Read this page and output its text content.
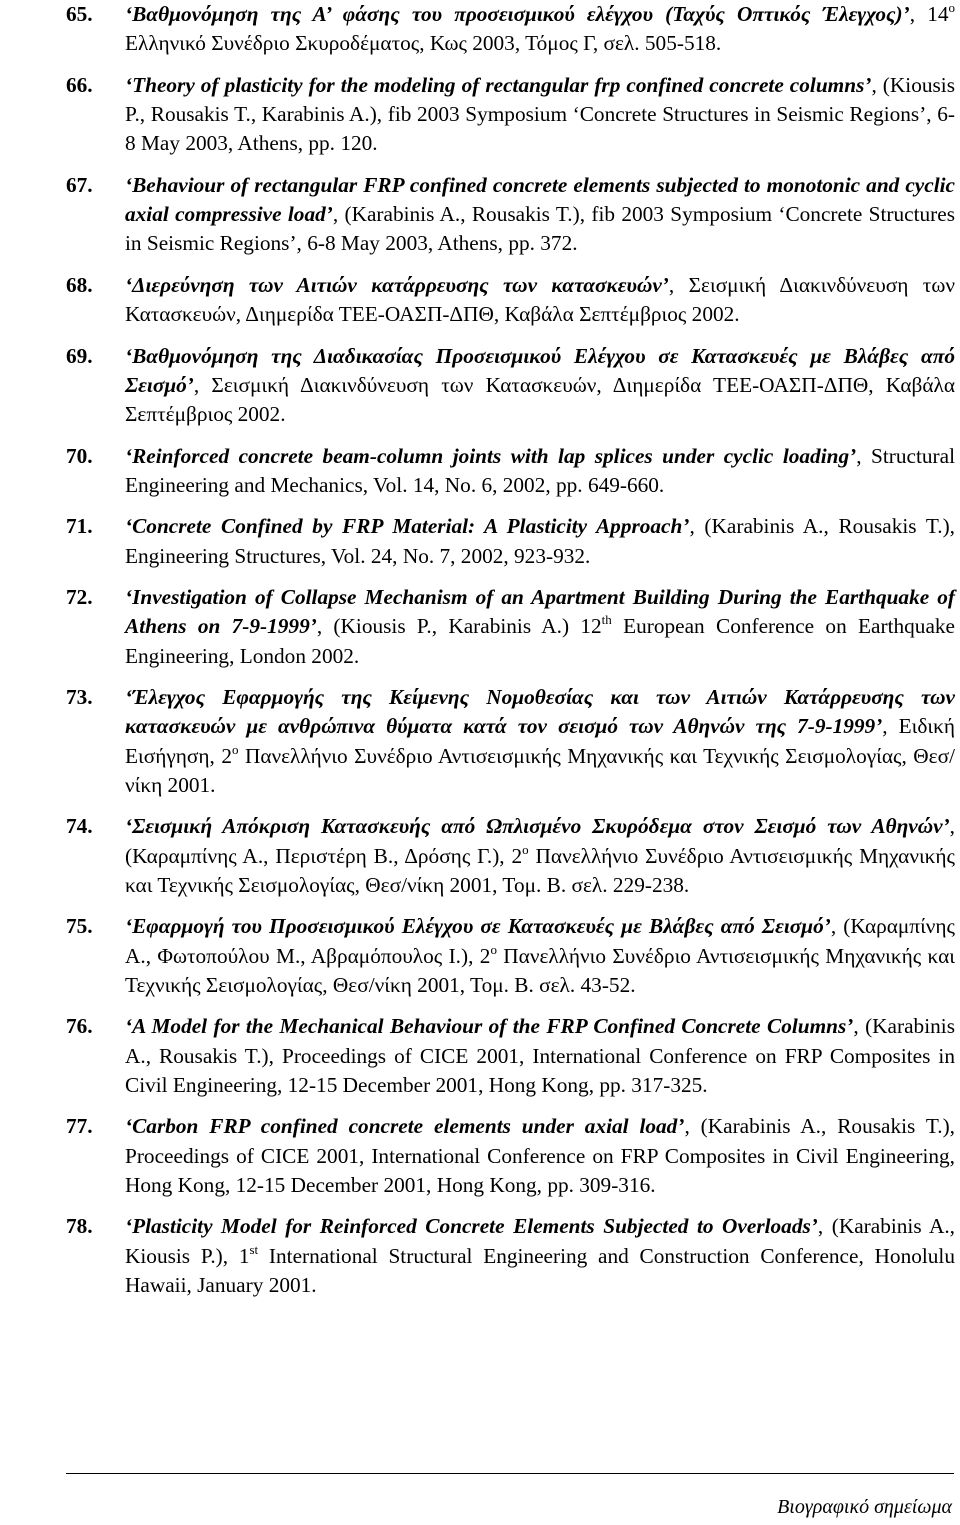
65. ‘Βαθμονόμηση της Α’ φάσης του προσεισμικού ελέγχου (Ταχύς Οπτικός Έλεγχος)’, $14^o$ Ελληνικό Συνέδριο Σκυροδέματος, Κως 2003, Τόμος Γ, σελ. 505-518.
66. ‘Theory of plasticity for the modeling of rectangular frp confined concrete columns’, (Kiousis P., Rousakis T., Karabinis A.), fib 2003 Symposium ‘Concrete Structures in Seismic Regions’, 6-8 May 2003, Athens, pp. 120.
67. ‘Behaviour of rectangular FRP confined concrete elements subjected to monotonic and cyclic axial compressive load’, (Karabinis A., Rousakis T.), fib 2003 Symposium ‘Concrete Structures in Seismic Regions’, 6-8 May 2003, Athens, pp. 372.
68. ‘Διερεύνηση των Αιτιών κατάρρευσης των κατασκευών’, Σεισμική Διακινδύνευση των Κατασκευών, Διημερίδα ΤΕΕ-ΟΑΣΠ-ΔΠΘ, Καβάλα Σεπτέμβριος 2002.
69. ‘Βαθμονόμηση της Διαδικασίας Προσεισμικού Ελέγχου σε Κατασκευές με Βλάβες από Σεισμό’, Σεισμική Διακινδύνευση των Κατασκευών, Διημερίδα ΤΕΕ-ΟΑΣΠ-ΔΠΘ, Καβάλα Σεπτέμβριος 2002.
70. ‘Reinforced concrete beam-column joints with lap splices under cyclic loading’, Structural Engineering and Mechanics, Vol. 14, No. 6, 2002, pp. 649-660.
71. ‘Concrete Confined by FRP Material: A Plasticity Approach’, (Karabinis A., Rousakis T.), Engineering Structures, Vol. 24, No. 7, 2002, 923-932.
72. ‘Investigation of Collapse Mechanism of an Apartment Building During the Earthquake of Athens on 7-9-1999’, (Kiousis P., Karabinis A.) 12th European Conference on Earthquake Engineering, London 2002.
73. ‘Έλεγχος Εφαρμογής της Κείμενης Νομοθεσίας και των Αιτιών Κατάρρευσης των κατασκευών με ανθρώπινα θύματα κατά τον σεισμό των Αθηνών της 7-9-1999’, Ειδική Εισήγηση, $2^o$ Πανελλήνιο Συνέδριο Αντισεισμικής Μηχανικής και Τεχνικής Σεισμολογίας, Θεσ/νίκη 2001.
74. ‘Σεισμική Απόκριση Κατασκευής από Ωπλισμένο Σκυρόδεμα στον Σεισμό των Αθηνών’, (Καραμπίνης Α., Περιστέρη Β., Δρόσης Γ.), $2^o$ Πανελλήνιο Συνέδριο Αντισεισμικής Μηχανικής και Τεχνικής Σεισμολογίας, Θεσ/νίκη 2001, Τομ. Β. σελ. 229-238.
75. ‘Εφαρμογή του Προσεισμικού Ελέγχου σε Κατασκευές με Βλάβες από Σεισμό’, (Καραμπίνης Α., Φωτοπούλου Μ., Αβραμόπουλος Ι.), $2^o$ Πανελλήνιο Συνέδριο Αντισεισμικής Μηχανικής και Τεχνικής Σεισμολογίας, Θεσ/νίκη 2001, Τομ. Β. σελ. 43-52.
76. ‘A Model for the Mechanical Behaviour of the FRP Confined Concrete Columns’, (Karabinis A., Rousakis T.), Proceedings of CICE 2001, International Conference on FRP Composites in Civil Engineering, 12-15 December 2001, Hong Kong, pp. 317-325.
77. ‘Carbon FRP confined concrete elements under axial load’, (Karabinis A., Rousakis T.), Proceedings of CICE 2001, International Conference on FRP Composites in Civil Engineering, Hong Kong, 12-15 December 2001, Hong Kong, pp. 309-316.
78. ‘Plasticity Model for Reinforced Concrete Elements Subjected to Overloads’, (Karabinis A., Kiousis P.), 1st International Structural Engineering and Construction Conference, Honolulu Hawaii, January 2001.
Βιογραφικό σημείωμα
